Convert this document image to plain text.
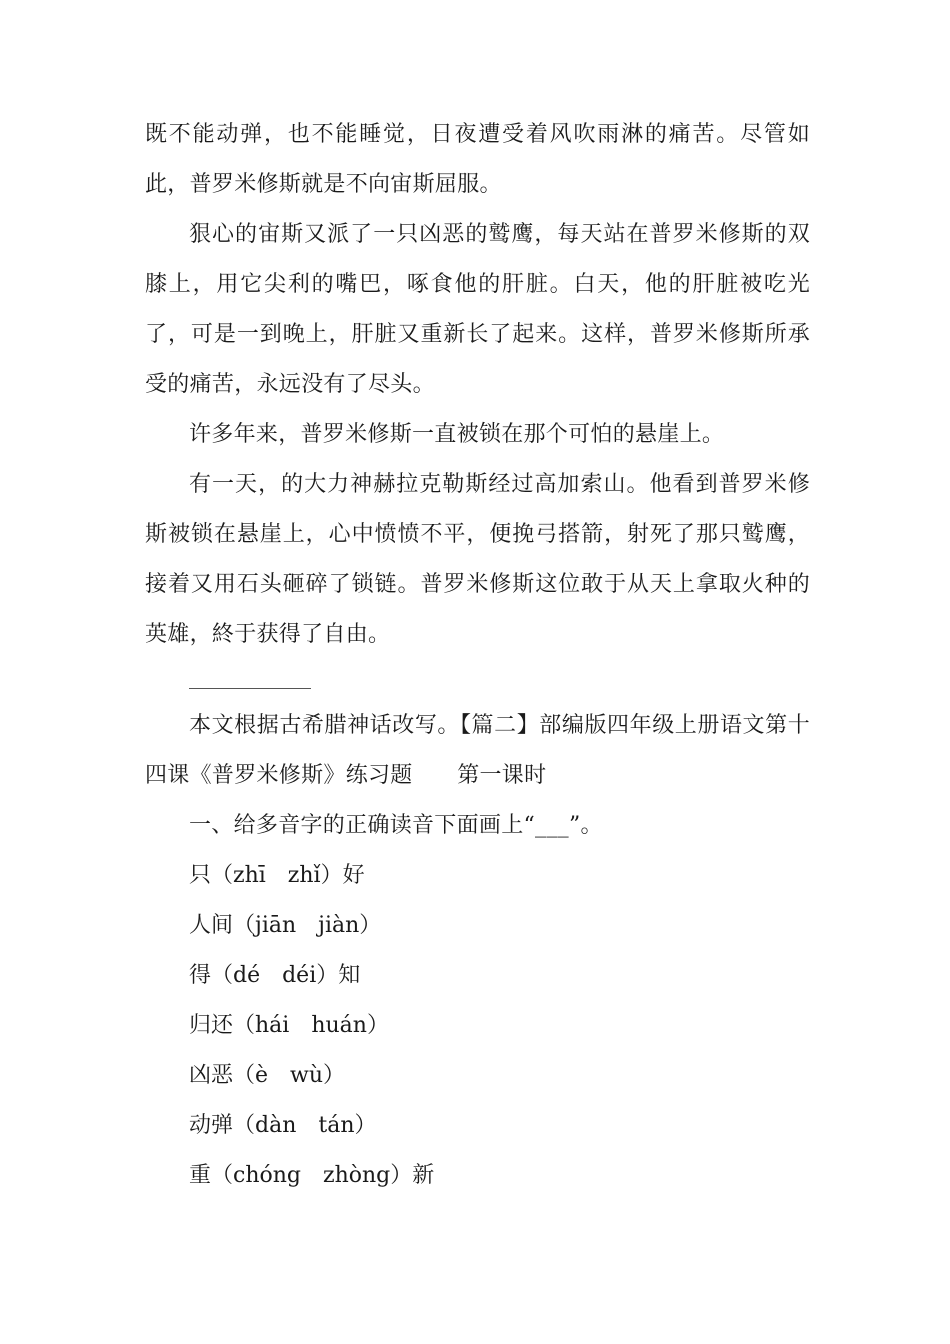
既不能动弹，也不能睡觉，日夜遭受着风吹雨淋的痛苦。尽管如此，普罗米修斯就是不向宙斯屈服。

狠心的宙斯又派了一只凶恶的鹫鹰，每天站在普罗米修斯的双膝上，用它尖利的嘴巴，啄食他的肝脏。白天，他的肝脏被吃光了，可是一到晚上，肝脏又重新长了起来。这样，普罗米修斯所承受的痛苦，永远没有了尽头。

许多年来，普罗米修斯一直被锁在那个可怕的悬崖上。

有一天，的大力神赫拉克勒斯经过高加索山。他看到普罗米修斯被锁在悬崖上，心中愤愤不平，便挽弓搭箭，射死了那只鹫鹰，接着又用石头砸碎了锁链。普罗米修斯这位敢于从天上拿取火种的英雄，終于获得了自由。

本文根据古希腊神话改写。【篇二】部编版四年级上册语文第十四课《普罗米修斯》练习题　　第一课时

一、给多音字的正确读音下面画上“___”。

只（zhī　zhǐ）好

人间（jiān　jiàn）

得（dé　déi）知

归还（hái　huán）

凶恶（è　wù）

动弹（dàn　tán）

重（chóng　zhòng）新
